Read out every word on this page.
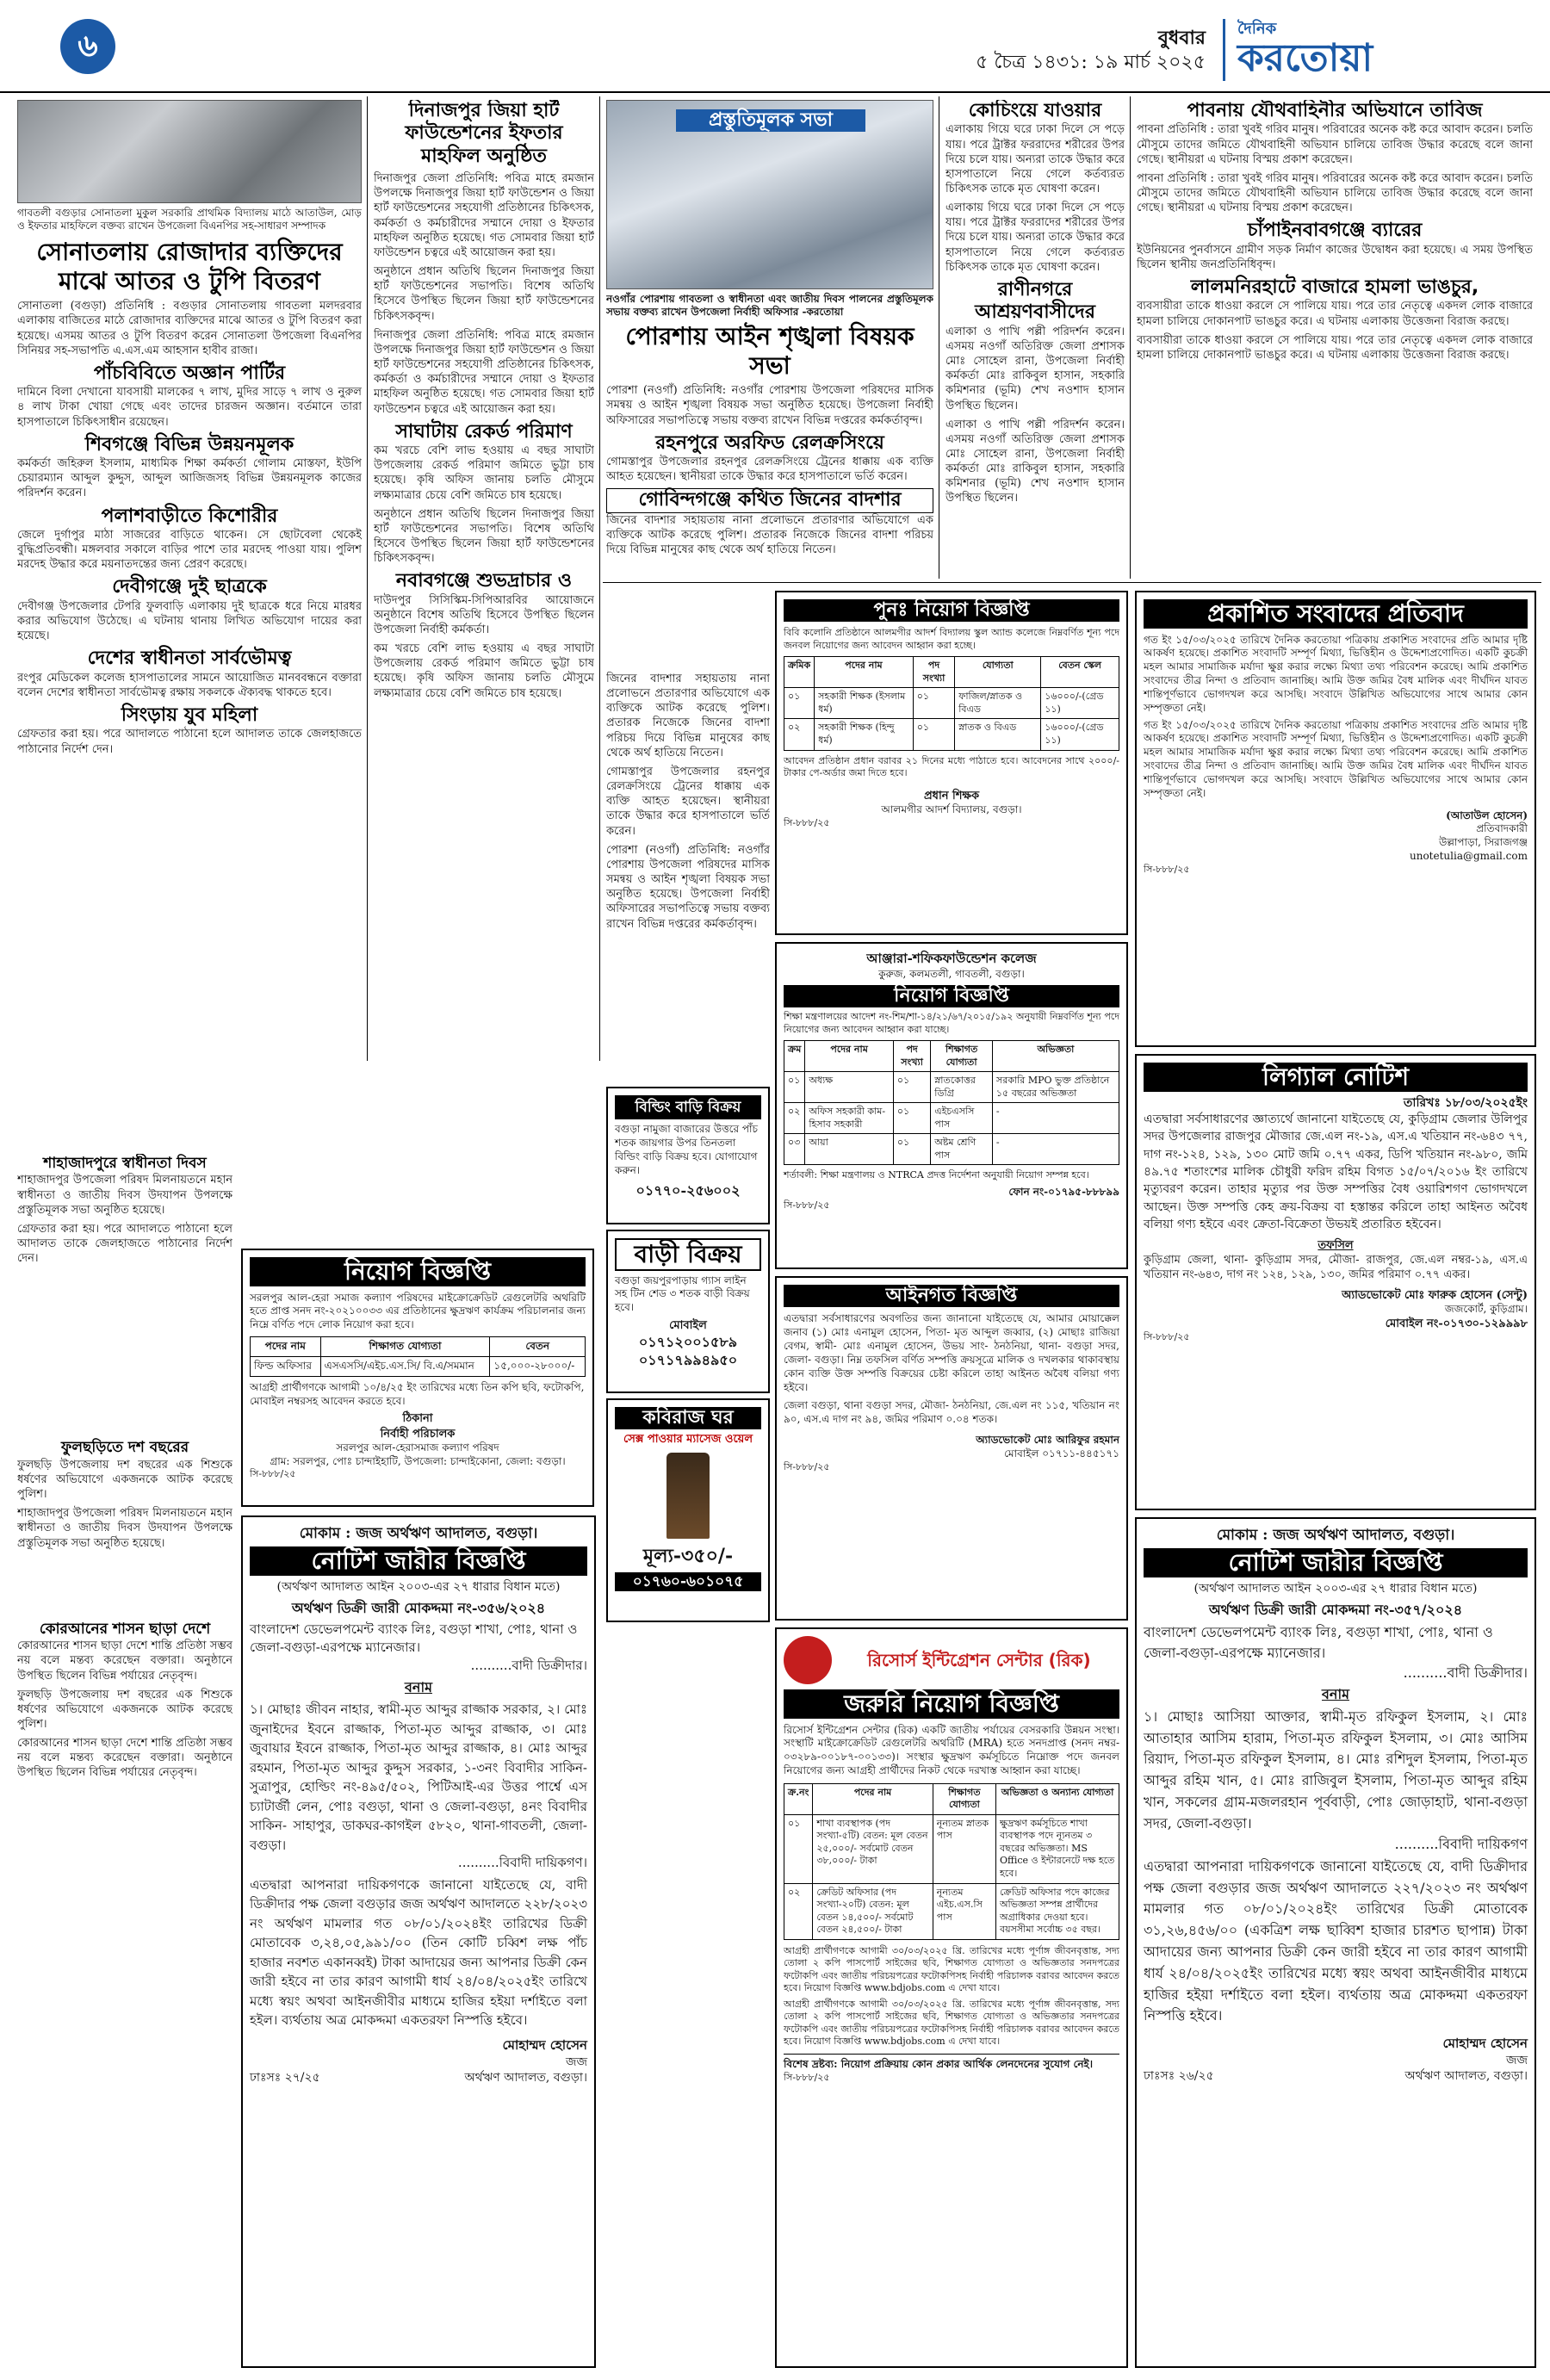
৬	বুধবার
৫ চৈত্র ১৪৩১: ১৯ মার্চ ২০২৫
দৈনিক
করতোয়া
গাবতলী বগুড়ার সোনাতলা মুকুল সরকারি প্রাথমিক বিদ্যালয় মাঠে আতাউল, মোড় ও ইফতার মাহফিলে বক্তব্য রাখেন উপজেলা বিএনপির সহ-সাধারণ সম্পাদক
সোনাতলায় রোজাদার ব্যক্তিদের মাঝে আতর ও টুপি বিতরণ

সোনাতলা (বগুড়া) প্রতিনিধি : বগুড়ার সোনাতলায় গাবতলা মলদরবার এলাকায় বাজিতের মাঠে রোজাদার ব্যক্তিদের মাঝে আতর ও টুপি বিতরণ করা হয়েছে। এসময় আতর ও টুপি বিতরণ করেন সোনাতলা উপজেলা বিএনপির সিনিয়র সহ-সভাপতি এ.এস.এম আহসান হাবীব রাজা।

পাঁচবিবিতে অজ্ঞান পার্টির

দামিনে বিলা দেখানো যাবসায়ী মালকের ৭ লাখ, মুদির সাড়ে ৭ লাখ ও নুরুল ৪ লাখ টাকা খোয়া গেছে এবং তাদের চারজন অজ্ঞান। বর্তমানে তারা হাসপাতালে চিকিৎসাধীন রয়েছেন।

শিবগঞ্জে বিভিন্ন উন্নয়নমূলক

কর্মকর্তা জহিরুল ইসলাম, মাধ্যমিক শিক্ষা কর্মকর্তা গোলাম মোস্তফা, ইউপি চেয়ারম্যান আব্দুল কুদ্দুস, আব্দুল আজিজসহ বিভিন্ন উন্নয়নমূলক কাজের পরিদর্শন করেন।

পলাশবাড়ীতে কিশোরীর

জেলে দুর্গাপুর মাঠা সাজরের বাড়িতে থাকেন। সে ছোটবেলা থেকেই বুদ্ধিপ্রতিবন্ধী। মঙ্গলবার সকালে বাড়ির পাশে তার মরদেহ পাওয়া যায়। পুলিশ মরদেহ উদ্ধার করে ময়নাতদন্তের জন্য প্রেরণ করেছে।

দেবীগঞ্জে দুই ছাত্রকে

দেবীগঞ্জ উপজেলার টেপরি ফুলবাড়ি এলাকায় দুই ছাত্রকে ধরে নিয়ে মারধর করার অভিযোগ উঠেছে। এ ঘটনায় থানায় লিখিত অভিযোগ দায়ের করা হয়েছে।

দেশের স্বাধীনতা সার্বভৌমত্ব

রংপুর মেডিকেল কলেজ হাসপাতালের সামনে আয়োজিত মানববন্ধনে বক্তারা বলেন দেশের স্বাধীনতা সার্বভৌমত্ব রক্ষায় সকলকে ঐক্যবদ্ধ থাকতে হবে।

সিংড়ায় যুব মহিলা

গ্রেফতার করা হয়। পরে আদালতে পাঠানো হলে আদালত তাকে জেলহাজতে পাঠানোর নির্দেশ দেন।

শাহাজাদপুরে স্বাধীনতা দিবস

শাহাজাদপুর উপজেলা পরিষদ মিলনায়তনে মহান স্বাধীনতা ও জাতীয় দিবস উদযাপন উপলক্ষে প্রস্তুতিমূলক সভা অনুষ্ঠিত হয়েছে।

গ্রেফতার করা হয়। পরে আদালতে পাঠানো হলে আদালত তাকে জেলহাজতে পাঠানোর নির্দেশ দেন।

ফুলছড়িতে দশ বছরের

ফুলছড়ি উপজেলায় দশ বছরের এক শিশুকে ধর্ষণের অভিযোগে একজনকে আটক করেছে পুলিশ।

শাহাজাদপুর উপজেলা পরিষদ মিলনায়তনে মহান স্বাধীনতা ও জাতীয় দিবস উদযাপন উপলক্ষে প্রস্তুতিমূলক সভা অনুষ্ঠিত হয়েছে।

কোরআনের শাসন ছাড়া দেশে

কোরআনের শাসন ছাড়া দেশে শান্তি প্রতিষ্ঠা সম্ভব নয় বলে মন্তব্য করেছেন বক্তারা। অনুষ্ঠানে উপস্থিত ছিলেন বিভিন্ন পর্যায়ের নেতৃবৃন্দ।

ফুলছড়ি উপজেলায় দশ বছরের এক শিশুকে ধর্ষণের অভিযোগে একজনকে আটক করেছে পুলিশ।

কোরআনের শাসন ছাড়া দেশে শান্তি প্রতিষ্ঠা সম্ভব নয় বলে মন্তব্য করেছেন বক্তারা। অনুষ্ঠানে উপস্থিত ছিলেন বিভিন্ন পর্যায়ের নেতৃবৃন্দ।

দিনাজপুর জিয়া হার্ট ফাউন্ডেশনের ইফতার মাহফিল অনুষ্ঠিত

দিনাজপুর জেলা প্রতিনিধি: পবিত্র মাহে রমজান উপলক্ষে দিনাজপুর জিয়া হার্ট ফাউন্ডেশন ও জিয়া হার্ট ফাউন্ডেশনের সহযোগী প্রতিষ্ঠানের চিকিৎসক, কর্মকর্তা ও কর্মচারীদের সম্মানে দোয়া ও ইফতার মাহফিল অনুষ্ঠিত হয়েছে। গত সোমবার জিয়া হার্ট ফাউন্ডেশন চত্বরে এই আয়োজন করা হয়।

অনুষ্ঠানে প্রধান অতিথি ছিলেন দিনাজপুর জিয়া হার্ট ফাউন্ডেশনের সভাপতি। বিশেষ অতিথি হিসেবে উপস্থিত ছিলেন জিয়া হার্ট ফাউন্ডেশনের চিকিৎসকবৃন্দ।

দিনাজপুর জেলা প্রতিনিধি: পবিত্র মাহে রমজান উপলক্ষে দিনাজপুর জিয়া হার্ট ফাউন্ডেশন ও জিয়া হার্ট ফাউন্ডেশনের সহযোগী প্রতিষ্ঠানের চিকিৎসক, কর্মকর্তা ও কর্মচারীদের সম্মানে দোয়া ও ইফতার মাহফিল অনুষ্ঠিত হয়েছে। গত সোমবার জিয়া হার্ট ফাউন্ডেশন চত্বরে এই আয়োজন করা হয়।

সাঘাটায় রেকর্ড পরিমাণ

কম খরচে বেশি লাভ হওয়ায় এ বছর সাঘাটা উপজেলায় রেকর্ড পরিমাণ জমিতে ভুট্টা চাষ হয়েছে। কৃষি অফিস জানায় চলতি মৌসুমে লক্ষ্যমাত্রার চেয়ে বেশি জমিতে চাষ হয়েছে।

অনুষ্ঠানে প্রধান অতিথি ছিলেন দিনাজপুর জিয়া হার্ট ফাউন্ডেশনের সভাপতি। বিশেষ অতিথি হিসেবে উপস্থিত ছিলেন জিয়া হার্ট ফাউন্ডেশনের চিকিৎসকবৃন্দ।

নবাবগঞ্জে শুভদ্রাচার ও

দাউদপুর সিসিস্কিম-সিপিআরবির আয়োজনে অনুষ্ঠানে বিশেষ অতিথি হিসেবে উপস্থিত ছিলেন উপজেলা নির্বাহী কর্মকর্তা।

কম খরচে বেশি লাভ হওয়ায় এ বছর সাঘাটা উপজেলায় রেকর্ড পরিমাণ জমিতে ভুট্টা চাষ হয়েছে। কৃষি অফিস জানায় চলতি মৌসুমে লক্ষ্যমাত্রার চেয়ে বেশি জমিতে চাষ হয়েছে।

নিয়োগ বিজ্ঞপ্তি
সরলপুর আল-হেরা সমাজ কল্যাণ পরিষদের মাইক্রোক্রেডিট রেগুলেটরি অথরিটি হতে প্রাপ্ত সনদ নং-২০২১০০৩৩ এর প্রতিষ্ঠানের ক্ষুদ্রঋণ কার্যক্রম পরিচালনার জন্য নিম্নে বর্ণিত পদে লোক নিয়োগ করা হবে।
পদের নাম	শিক্ষাগত যোগ্যতা	বেতন
ফিল্ড অফিসার	এসএসসি/এইচ.এস.সি/ বি.এ/সমমান	১৫,০০০-২৮০০০/-
আগ্রহী প্রার্থীগণকে আগামী ১০/৪/২৫ ইং তারিখের মধ্যে তিন কপি ছবি, ফটোকপি, মোবাইল নম্বরসহ আবেদন করতে হবে।
ঠিকানা
নির্বাহী পরিচালক
সরলপুর আল-হেরাসমাজ কল্যাণ পরিষদ
গ্রাম: সরলপুর, পোঃ চান্দাইহাটি, উপজেলা: চান্দাইকোনা, জেলা: বগুড়া।
সি-৮৮৮/২৫
প্রস্তুতিমূলক সভা
নওগাঁর পোরশায় গাবতলা ও স্বাধীনতা এবং জাতীয় দিবস পালনের প্রস্তুতিমূলক সভায় বক্তব্য রাখেন উপজেলা নির্বাহী অফিসার -করতোয়া
পোরশায় আইন শৃঙ্খলা বিষয়ক সভা

পোরশা (নওগাঁ) প্রতিনিধি: নওগাঁর পোরশায় উপজেলা পরিষদের মাসিক সমন্বয় ও আইন শৃঙ্খলা বিষয়ক সভা অনুষ্ঠিত হয়েছে। উপজেলা নির্বাহী অফিসারের সভাপতিত্বে সভায় বক্তব্য রাখেন বিভিন্ন দপ্তরের কর্মকর্তাবৃন্দ।

রহনপুরে অরফিড রেলক্রসিংয়ে

গোমস্তাপুর উপজেলার রহনপুর রেলক্রসিংয়ে ট্রেনের ধাক্কায় এক ব্যক্তি আহত হয়েছেন। স্থানীয়রা তাকে উদ্ধার করে হাসপাতালে ভর্তি করেন।

গোবিন্দগঞ্জে কথিত জিনের বাদশার

জিনের বাদশার সহায়তায় নানা প্রলোভনে প্রতারণার অভিযোগে এক ব্যক্তিকে আটক করেছে পুলিশ। প্রতারক নিজেকে জিনের বাদশা পরিচয় দিয়ে বিভিন্ন মানুষের কাছ থেকে অর্থ হাতিয়ে নিতেন।

জিনের বাদশার সহায়তায় নানা প্রলোভনে প্রতারণার অভিযোগে এক ব্যক্তিকে আটক করেছে পুলিশ। প্রতারক নিজেকে জিনের বাদশা পরিচয় দিয়ে বিভিন্ন মানুষের কাছ থেকে অর্থ হাতিয়ে নিতেন।

গোমস্তাপুর উপজেলার রহনপুর রেলক্রসিংয়ে ট্রেনের ধাক্কায় এক ব্যক্তি আহত হয়েছেন। স্থানীয়রা তাকে উদ্ধার করে হাসপাতালে ভর্তি করেন।

পোরশা (নওগাঁ) প্রতিনিধি: নওগাঁর পোরশায় উপজেলা পরিষদের মাসিক সমন্বয় ও আইন শৃঙ্খলা বিষয়ক সভা অনুষ্ঠিত হয়েছে। উপজেলা নির্বাহী অফিসারের সভাপতিত্বে সভায় বক্তব্য রাখেন বিভিন্ন দপ্তরের কর্মকর্তাবৃন্দ।

কোচিংয়ে যাওয়ার

এলাকায় গিয়ে ঘরে ঢাকা দিলে সে পড়ে যায়। পরে ট্রাক্টর ফররাদের শরীরের উপর দিয়ে চলে যায়। অন্যরা তাকে উদ্ধার করে হাসপাতালে নিয়ে গেলে কর্তব্যরত চিকিৎসক তাকে মৃত ঘোষণা করেন।

এলাকায় গিয়ে ঘরে ঢাকা দিলে সে পড়ে যায়। পরে ট্রাক্টর ফররাদের শরীরের উপর দিয়ে চলে যায়। অন্যরা তাকে উদ্ধার করে হাসপাতালে নিয়ে গেলে কর্তব্যরত চিকিৎসক তাকে মৃত ঘোষণা করেন।

রাণীনগরে আশ্রয়ণবাসীদের

এলাকা ও পাখি পল্লী পরিদর্শন করেন। এসময় নওগাঁ অতিরিক্ত জেলা প্রশাসক মোঃ সোহেল রানা, উপজেলা নির্বাহী কর্মকর্তা মোঃ রাকিবুল হাসান, সহকারি কমিশনার (ভূমি) শেখ নওশাদ হাসান উপস্থিত ছিলেন।

এলাকা ও পাখি পল্লী পরিদর্শন করেন। এসময় নওগাঁ অতিরিক্ত জেলা প্রশাসক মোঃ সোহেল রানা, উপজেলা নির্বাহী কর্মকর্তা মোঃ রাকিবুল হাসান, সহকারি কমিশনার (ভূমি) শেখ নওশাদ হাসান উপস্থিত ছিলেন।

পাবনায় যৌথবাহিনীর অভিযানে তাবিজ

পাবনা প্রতিনিধি : তারা খুবই গরিব মানুষ। পরিবারের অনেক কষ্ট করে আবাদ করেন। চলতি মৌসুমে তাদের জমিতে যৌথবাহিনী অভিযান চালিয়ে তাবিজ উদ্ধার করেছে বলে জানা গেছে। স্থানীয়রা এ ঘটনায় বিস্ময় প্রকাশ করেছেন।

পাবনা প্রতিনিধি : তারা খুবই গরিব মানুষ। পরিবারের অনেক কষ্ট করে আবাদ করেন। চলতি মৌসুমে তাদের জমিতে যৌথবাহিনী অভিযান চালিয়ে তাবিজ উদ্ধার করেছে বলে জানা গেছে। স্থানীয়রা এ ঘটনায় বিস্ময় প্রকাশ করেছেন।

চাঁপাইনবাবগঞ্জে ব্যারের

ইউনিয়নের পুনর্বাসনে গ্রামীণ সড়ক নির্মাণ কাজের উদ্বোধন করা হয়েছে। এ সময় উপস্থিত ছিলেন স্থানীয় জনপ্রতিনিধিবৃন্দ।

লালমনিরহাটে বাজারে হামলা ভাঙচুর,

ব্যবসায়ীরা তাকে ধাওয়া করলে সে পালিয়ে যায়। পরে তার নেতৃত্বে একদল লোক বাজারে হামলা চালিয়ে দোকানপাট ভাঙচুর করে। এ ঘটনায় এলাকায় উত্তেজনা বিরাজ করছে।

ব্যবসায়ীরা তাকে ধাওয়া করলে সে পালিয়ে যায়। পরে তার নেতৃত্বে একদল লোক বাজারে হামলা চালিয়ে দোকানপাট ভাঙচুর করে। এ ঘটনায় এলাকায় উত্তেজনা বিরাজ করছে।

পুনঃ নিয়োগ বিজ্ঞপ্তি
বিবি কলোনি প্রতিষ্ঠানে আলমগীর আদর্শ বিদ্যালয় স্কুল অ্যান্ড কলেজে নিম্নবর্ণিত শূন্য পদে জনবল নিয়োগের জন্য আবেদন আহ্বান করা হচ্ছে।
ক্রমিক	পদের নাম	পদ সংখ্যা	যোগ্যতা	বেতন স্কেল
০১	সহকারী শিক্ষক (ইসলাম ধর্ম)	০১	ফাজিল/স্নাতক ও বিএড	১৬০০০/-(গ্রেড ১১)
০২	সহকারী শিক্ষক (হিন্দু ধর্ম)	০১	স্নাতক ও বিএড	১৬০০০/-(গ্রেড ১১)
আবেদন প্রতিষ্ঠান প্রধান বরাবর ২১ দিনের মধ্যে পাঠাতে হবে। আবেদনের সাথে ২০০০/- টাকার পে-অর্ডার জমা দিতে হবে।
প্রধান শিক্ষক
আলমগীর আদর্শ বিদ্যালয়, বগুড়া।
সি-৮৮৮/২৫
আঞ্জারা-শফিকফাউন্ডেশন কলেজ
কুরুজ, কলমতলী, গাবতলী, বগুড়া।
নিয়োগ বিজ্ঞপ্তি
শিক্ষা মন্ত্রণালয়ের আদেশ নং-শিম/শা-১৪/২১/৬৭/২০১৫/১৯২ অনুযায়ী নিম্নবর্ণিত শূন্য পদে নিয়োগের জন্য আবেদন আহ্বান করা যাচ্ছে।
ক্রম	পদের নাম	পদ সংখ্যা	শিক্ষাগত যোগ্যতা	অভিজ্ঞতা
০১	অধ্যক্ষ	০১	স্নাতকোত্তর ডিগ্রি	সরকারি MPO ভুক্ত প্রতিষ্ঠানে ১৫ বছরের অভিজ্ঞতা
০২	অফিস সহকারী কাম-হিসাব সহকারী	০১	এইচএসসি পাস	-
০৩	আয়া	০১	অষ্টম শ্রেণি পাস	-
শর্তাবলী: শিক্ষা মন্ত্রণালয় ও NTRCA প্রদত্ত নির্দেশনা অনুযায়ী নিয়োগ সম্পন্ন হবে।
ফোন নং-০১৭৯৫-৮৮৮৯৯
সি-৮৮৮/২৫
বিল্ডিং বাড়ি বিক্রয়
বগুড়া নামুজা বাজারের উত্তরে পাঁচ শতক জায়গার উপর তিনতলা বিল্ডিং বাড়ি বিক্রয় হবে। যোগাযোগ করুন।
০১৭৭০-২৫৬০০২
বাড়ী বিক্রয়
বগুড়া জয়পুরপাড়ায় গ্যাস লাইন সহ টিন শেড ৩ শতক বাড়ী বিক্রয় হবে।
মোবাইল
০১৭১২০০১৫৮৯
০১৭১৭৯৯৪৯৫০
কবিরাজ ঘর
সেক্স পাওয়ার ম্যাসেজ ওয়েল
মূল্য-৩৫০/-
০১৭৬০-৬০১০৭৫
আইনগত বিজ্ঞপ্তি
এতদ্বারা সর্বসাধারণের অবগতির জন্য জানানো যাইতেছে যে, আমার মোয়াক্কেল জনাব (১) মোঃ এনামুল হোসেন, পিতা- মৃত আব্দুল জব্বার, (২) মোছাঃ রাজিয়া বেগম, স্বামী- মোঃ এনামুল হোসেন, উভয় সাং- ঠনঠনিয়া, থানা- বগুড়া সদর, জেলা- বগুড়া। নিম্ন তফসিল বর্ণিত সম্পত্তি ক্রয়সূত্রে মালিক ও দখলকার থাকাবস্থায় কোন ব্যক্তি উক্ত সম্পত্তি বিক্রয়ের চেষ্টা করিলে তাহা আইনত অবৈধ বলিয়া গণ্য হইবে।
জেলা বগুড়া, থানা বগুড়া সদর, মৌজা- ঠনঠনিয়া, জে.এল নং ১১৫, খতিয়ান নং ৯০, এস.এ দাগ নং ৯৪, জমির পরিমাণ ০.০৪ শতক।
অ্যাডভোকেট মোঃ আরিফুর রহমান
মোবাইল ০১৭১১-৪৪৫১৭১
সি-৮৮৮/২৫
প্রকাশিত সংবাদের প্রতিবাদ
গত ইং ১৫/০৩/২০২৫ তারিখে দৈনিক করতোয়া পত্রিকায় প্রকাশিত সংবাদের প্রতি আমার দৃষ্টি আকর্ষণ হয়েছে। প্রকাশিত সংবাদটি সম্পূর্ণ মিথ্যা, ভিত্তিহীন ও উদ্দেশ্যপ্রণোদিত। একটি কুচক্রী মহল আমার সামাজিক মর্যাদা ক্ষুণ্ণ করার লক্ষ্যে মিথ্যা তথ্য পরিবেশন করেছে। আমি প্রকাশিত সংবাদের তীব্র নিন্দা ও প্রতিবাদ জানাচ্ছি। আমি উক্ত জমির বৈধ মালিক এবং দীর্ঘদিন যাবত শান্তিপূর্ণভাবে ভোগদখল করে আসছি। সংবাদে উল্লিখিত অভিযোগের সাথে আমার কোন সম্পৃক্ততা নেই।
গত ইং ১৫/০৩/২০২৫ তারিখে দৈনিক করতোয়া পত্রিকায় প্রকাশিত সংবাদের প্রতি আমার দৃষ্টি আকর্ষণ হয়েছে। প্রকাশিত সংবাদটি সম্পূর্ণ মিথ্যা, ভিত্তিহীন ও উদ্দেশ্যপ্রণোদিত। একটি কুচক্রী মহল আমার সামাজিক মর্যাদা ক্ষুণ্ণ করার লক্ষ্যে মিথ্যা তথ্য পরিবেশন করেছে। আমি প্রকাশিত সংবাদের তীব্র নিন্দা ও প্রতিবাদ জানাচ্ছি। আমি উক্ত জমির বৈধ মালিক এবং দীর্ঘদিন যাবত শান্তিপূর্ণভাবে ভোগদখল করে আসছি। সংবাদে উল্লিখিত অভিযোগের সাথে আমার কোন সম্পৃক্ততা নেই।
(আতাউল হোসেন)
প্রতিবাদকারী
উল্লাপাড়া, সিরাজগঞ্জ
unotetulia@gmail.com
সি-৮৮৮/২৫
লিগ্যাল নোটিশ
তারিখঃ ১৮/০৩/২০২৫ইং
এতদ্বারা সর্বসাধারণের জ্ঞাত্যর্থে জানানো যাইতেছে যে, কুড়িগ্রাম জেলার উলিপুর সদর উপজেলার রাজপুর মৌজার জে.এল নং-১৯, এস.এ খতিয়ান নং-৬৪৩ ৭৭, দাগ নং-১২৪, ১২৯, ১৩০ মোট জমি ০.৭৭ একর, ডিপি খতিয়ান নং-৯৮০, জমি ৪৯.৭৫ শতাংশের মালিক চৌধুরী ফরিদ রহিম বিগত ১৫/০৭/২০১৬ ইং তারিখে মৃত্যুবরণ করেন। তাহার মৃত্যুর পর উক্ত সম্পত্তির বৈধ ওয়ারিশগণ ভোগদখলে আছেন। উক্ত সম্পত্তি কেহ ক্রয়-বিক্রয় বা হস্তান্তর করিলে তাহা আইনত অবৈধ বলিয়া গণ্য হইবে এবং ক্রেতা-বিক্রেতা উভয়ই প্রতারিত হইবেন।
তফসিল
কুড়িগ্রাম জেলা, থানা- কুড়িগ্রাম সদর, মৌজা- রাজপুর, জে.এল নম্বর-১৯, এস.এ খতিয়ান নং-৬৪৩, দাগ নং ১২৪, ১২৯, ১৩০, জমির পরিমাণ ০.৭৭ একর।
অ্যাডভোকেট মোঃ ফারুক হোসেন (সেন্টু)
জজকোর্ট, কুড়িগ্রাম।
মোবাইল নং-০১৭৩০-১২৯৯৯৮
সি-৮৮৮/২৫
রিসোর্স ইন্টিগ্রেশন সেন্টার (রিক)
জরুরি নিয়োগ বিজ্ঞপ্তি
রিসোর্স ইন্টিগ্রেশন সেন্টার (রিক) একটি জাতীয় পর্যায়ের বেসরকারি উন্নয়ন সংস্থা। সংস্থাটি মাইক্রোক্রেডিট রেগুলেটরি অথরিটি (MRA) হতে সনদপ্রাপ্ত (সনদ নম্বর- ০৩২৮৯-০০১৮৭-০০১৩৩)। সংস্থার ক্ষুদ্রঋণ কর্মসূচিতে নিম্নোক্ত পদে জনবল নিয়োগের জন্য আগ্রহী প্রার্থীদের নিকট থেকে দরখাস্ত আহ্বান করা যাচ্ছে।
ক্র.নং	পদের নাম	শিক্ষাগত যোগ্যতা	অভিজ্ঞতা ও অন্যান্য যোগ্যতা
০১	শাখা ব্যবস্থাপক (পদ সংখ্যা-৫টি) বেতন: মূল বেতন ২৫,০০০/- সর্বমোট বেতন ৩৮,০০০/- টাকা	নূন্যতম স্নাতক পাস	ক্ষুদ্রঋণ কর্মসূচিতে শাখা ব্যবস্থাপক পদে ন্যূনতম ৩ বছরের অভিজ্ঞতা। MS Office ও ইন্টারনেটে দক্ষ হতে হবে।
০২	ক্রেডিট অফিসার (পদ সংখ্যা-২০টি) বেতন: মূল বেতন ১৪,৫০০/- সর্বমোট বেতন ২৪,৫০০/- টাকা	নূন্যতম এইচ.এস.সি পাস	ক্রেডিট অফিসার পদে কাজের অভিজ্ঞতা সম্পন্ন প্রার্থীদের অগ্রাধিকার দেওয়া হবে। বয়সসীমা সর্বোচ্চ ৩৫ বছর।
আগ্রহী প্রার্থীগণকে আগামী ৩০/০৩/২০২৫ খ্রি. তারিখের মধ্যে পূর্ণাঙ্গ জীবনবৃত্তান্ত, সদ্য তোলা ২ কপি পাসপোর্ট সাইজের ছবি, শিক্ষাগত যোগ্যতা ও অভিজ্ঞতার সনদপত্রের ফটোকপি এবং জাতীয় পরিচয়পত্রের ফটোকপিসহ নির্বাহী পরিচালক বরাবর আবেদন করতে হবে। নিয়োগ বিজ্ঞপ্তি www.bdjobs.com এ দেখা যাবে।
আগ্রহী প্রার্থীগণকে আগামী ৩০/০৩/২০২৫ খ্রি. তারিখের মধ্যে পূর্ণাঙ্গ জীবনবৃত্তান্ত, সদ্য তোলা ২ কপি পাসপোর্ট সাইজের ছবি, শিক্ষাগত যোগ্যতা ও অভিজ্ঞতার সনদপত্রের ফটোকপি এবং জাতীয় পরিচয়পত্রের ফটোকপিসহ নির্বাহী পরিচালক বরাবর আবেদন করতে হবে। নিয়োগ বিজ্ঞপ্তি www.bdjobs.com এ দেখা যাবে।
বিশেষ দ্রষ্টব্য: নিয়োগ প্রক্রিয়ায় কোন প্রকার আর্থিক লেনদেনের সুযোগ নেই।
সি-৮৮৮/২৫
মোকাম : জজ অর্থঋণ আদালত, বগুড়া।
নোটিশ জারীর বিজ্ঞপ্তি
(অর্থঋণ আদালত আইন ২০০৩-এর ২৭ ধারার বিধান মতে)
অর্থঋণ ডিক্রী জারী মোকদ্দমা নং-৩৫৬/২০২৪
বাংলাদেশ ডেভেলপমেন্ট ব্যাংক লিঃ, বগুড়া শাখা, পোঃ, থানা ও জেলা-বগুড়া-এরপক্ষে ম্যানেজার।
..........বাদী ডিক্রীদার।
বনাম
১। মোছাঃ জীবন নাহার, স্বামী-মৃত আব্দুর রাজ্জাক সরকার, ২। মোঃ জুনাইদের ইবনে রাজ্জাক, পিতা-মৃত আব্দুর রাজ্জাক, ৩। মোঃ জুবায়ার ইবনে রাজ্জাক, পিতা-মৃত আব্দুর রাজ্জাক, ৪। মোঃ আব্দুর রহমান, পিতা-মৃত আব্দুর কুদ্দুস সরকার, ১-৩নং বিবাদীর সাকিন-সুত্রাপুর, হোল্ডিং নং-৪৯৫/৫০২, পিটিআই-এর উত্তর পার্শ্বে এস চ্যাটার্জী লেন, পোঃ বগুড়া, থানা ও জেলা-বগুড়া, ৪নং বিবাদীর সাকিন- সাহাপুর, ডাকঘর-কাগইল ৫৮২০, থানা-গাবতলী, জেলা-বগুড়া।
..........বিবাদী দায়িকগণ।
এতদ্বারা আপনারা দায়িকগণকে জানানো যাইতেছে যে, বাদী ডিক্রীদার পক্ষ জেলা বগুড়ার জজ অর্থঋণ আদালতে ২২৮/২০২৩ নং অর্থঋণ মামলার গত ০৮/০১/২০২৪ইং তারিখের ডিক্রী মোতাবেক ৩,২৪,০৫,৯৯১/০০ (তিন কোটি চব্বিশ লক্ষ পাঁচ হাজার নবশত একানব্বই) টাকা আদায়ের জন্য আপনার ডিক্রী কেন জারী হইবে না তার কারণ আগামী ধার্য ২৪/০৪/২০২৫ইং তারিখে মধ্যে স্বয়ং অথবা আইনজীবীর মাধ্যমে হাজির হইয়া দর্শাইতে বলা হইল। ব্যর্থতায় অত্র মোকদ্দমা একতরফা নিস্পত্তি হইবে।
মোহাম্মদ হোসেন
জজ
ঢাঃসঃ ২৭/২৫	অর্থঋণ আদালত, বগুড়া।
মোকাম : জজ অর্থঋণ আদালত, বগুড়া।
নোটিশ জারীর বিজ্ঞপ্তি
(অর্থঋণ আদালত আইন ২০০৩-এর ২৭ ধারার বিধান মতে)
অর্থঋণ ডিক্রী জারী মোকদ্দমা নং-৩৫৭/২০২৪
বাংলাদেশ ডেভেলপমেন্ট ব্যাংক লিঃ, বগুড়া শাখা, পোঃ, থানা ও জেলা-বগুড়া-এরপক্ষে ম্যানেজার।
..........বাদী ডিক্রীদার।
বনাম
১। মোছাঃ আসিয়া আক্তার, স্বামী-মৃত রফিকুল ইসলাম, ২। মোঃ আতাহার আসিম হারাম, পিতা-মৃত রফিকুল ইসলাম, ৩। মোঃ আসিম রিয়াদ, পিতা-মৃত রফিকুল ইসলাম, ৪। মোঃ রশিদুল ইসলাম, পিতা-মৃত আব্দুর রহিম খান, ৫। মোঃ রাজিবুল ইসলাম, পিতা-মৃত আব্দুর রহিম খান, সকলের গ্রাম-মজলরহান পূর্ববাড়ী, পোঃ জোড়াহাট, থানা-বগুড়া সদর, জেলা-বগুড়া।
..........বিবাদী দায়িকগণ
এতদ্বারা আপনারা দায়িকগণকে জানানো যাইতেছে যে, বাদী ডিক্রীদার পক্ষ জেলা বগুড়ার জজ অর্থঋণ আদালতে ২২৭/২০২৩ নং অর্থঋণ মামলার গত ০৮/০১/২০২৪ইং তারিখের ডিক্রী মোতাবেক ৩১,২৬,৪৫৬/০০ (একত্রিশ লক্ষ ছাব্বিশ হাজার চারশত ছাপান্ন) টাকা আদায়ের জন্য আপনার ডিক্রী কেন জারী হইবে না তার কারণ আগামী ধার্য ২৪/০৪/২০২৫ইং তারিখের মধ্যে স্বয়ং অথবা আইনজীবীর মাধ্যমে হাজির হইয়া দর্শাইতে বলা হইল। ব্যর্থতায় অত্র মোকদ্দমা একতরফা নিস্পত্তি হইবে।
মোহাম্মদ হোসেন
জজ
ঢাঃসঃ ২৬/২৫	অর্থঋণ আদালত, বগুড়া।
